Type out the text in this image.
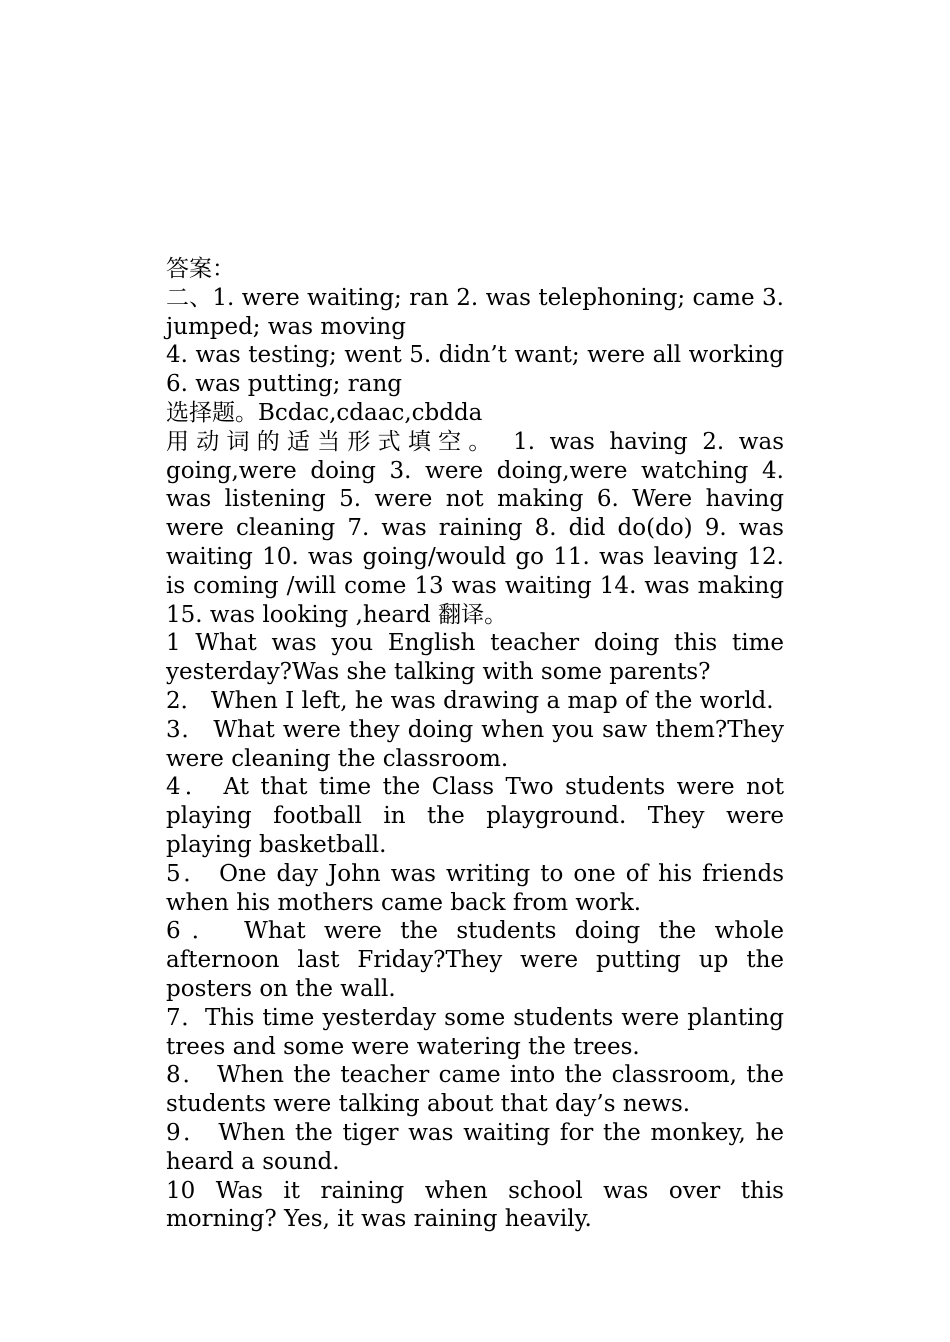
答案：

二、1. were waiting; ran 2. was telephoning; came 3. jumped; was moving

4. was testing; went 5. didn’t want; were all working 6. was putting; rang

选择题。Bcdac,cdaac,cbdda

用动词的适当形式填空。 1. was having 2. was going,were doing 3. were doing,were watching 4. was listening 5. were not making 6. Were having were cleaning 7. was raining 8. did do(do) 9. was waiting 10. was going/would go 11. was leaving 12. is coming /will come 13 was waiting 14. was making 15. was looking ,heard 翻译。

1 What was you English teacher doing this time yesterday?Was she talking with some parents?

2． When I left, he was drawing a map of the world.

3． What were they doing when you saw them?They were cleaning the classroom.

4． At that time the Class Two students were not playing football in the playground. They were playing basketball.

5． One day John was writing to one of his friends when his mothers came back from work.

6． What were the students doing the whole afternoon last Friday?They were putting up the posters on the wall.

7．This time yesterday some students were planting trees and some were watering the trees.

8． When the teacher came into the classroom, the students were talking about that day’s news.

9． When the tiger was waiting for the monkey, he heard a sound.

10 Was it raining when school was over this morning? Yes, it was raining heavily.
